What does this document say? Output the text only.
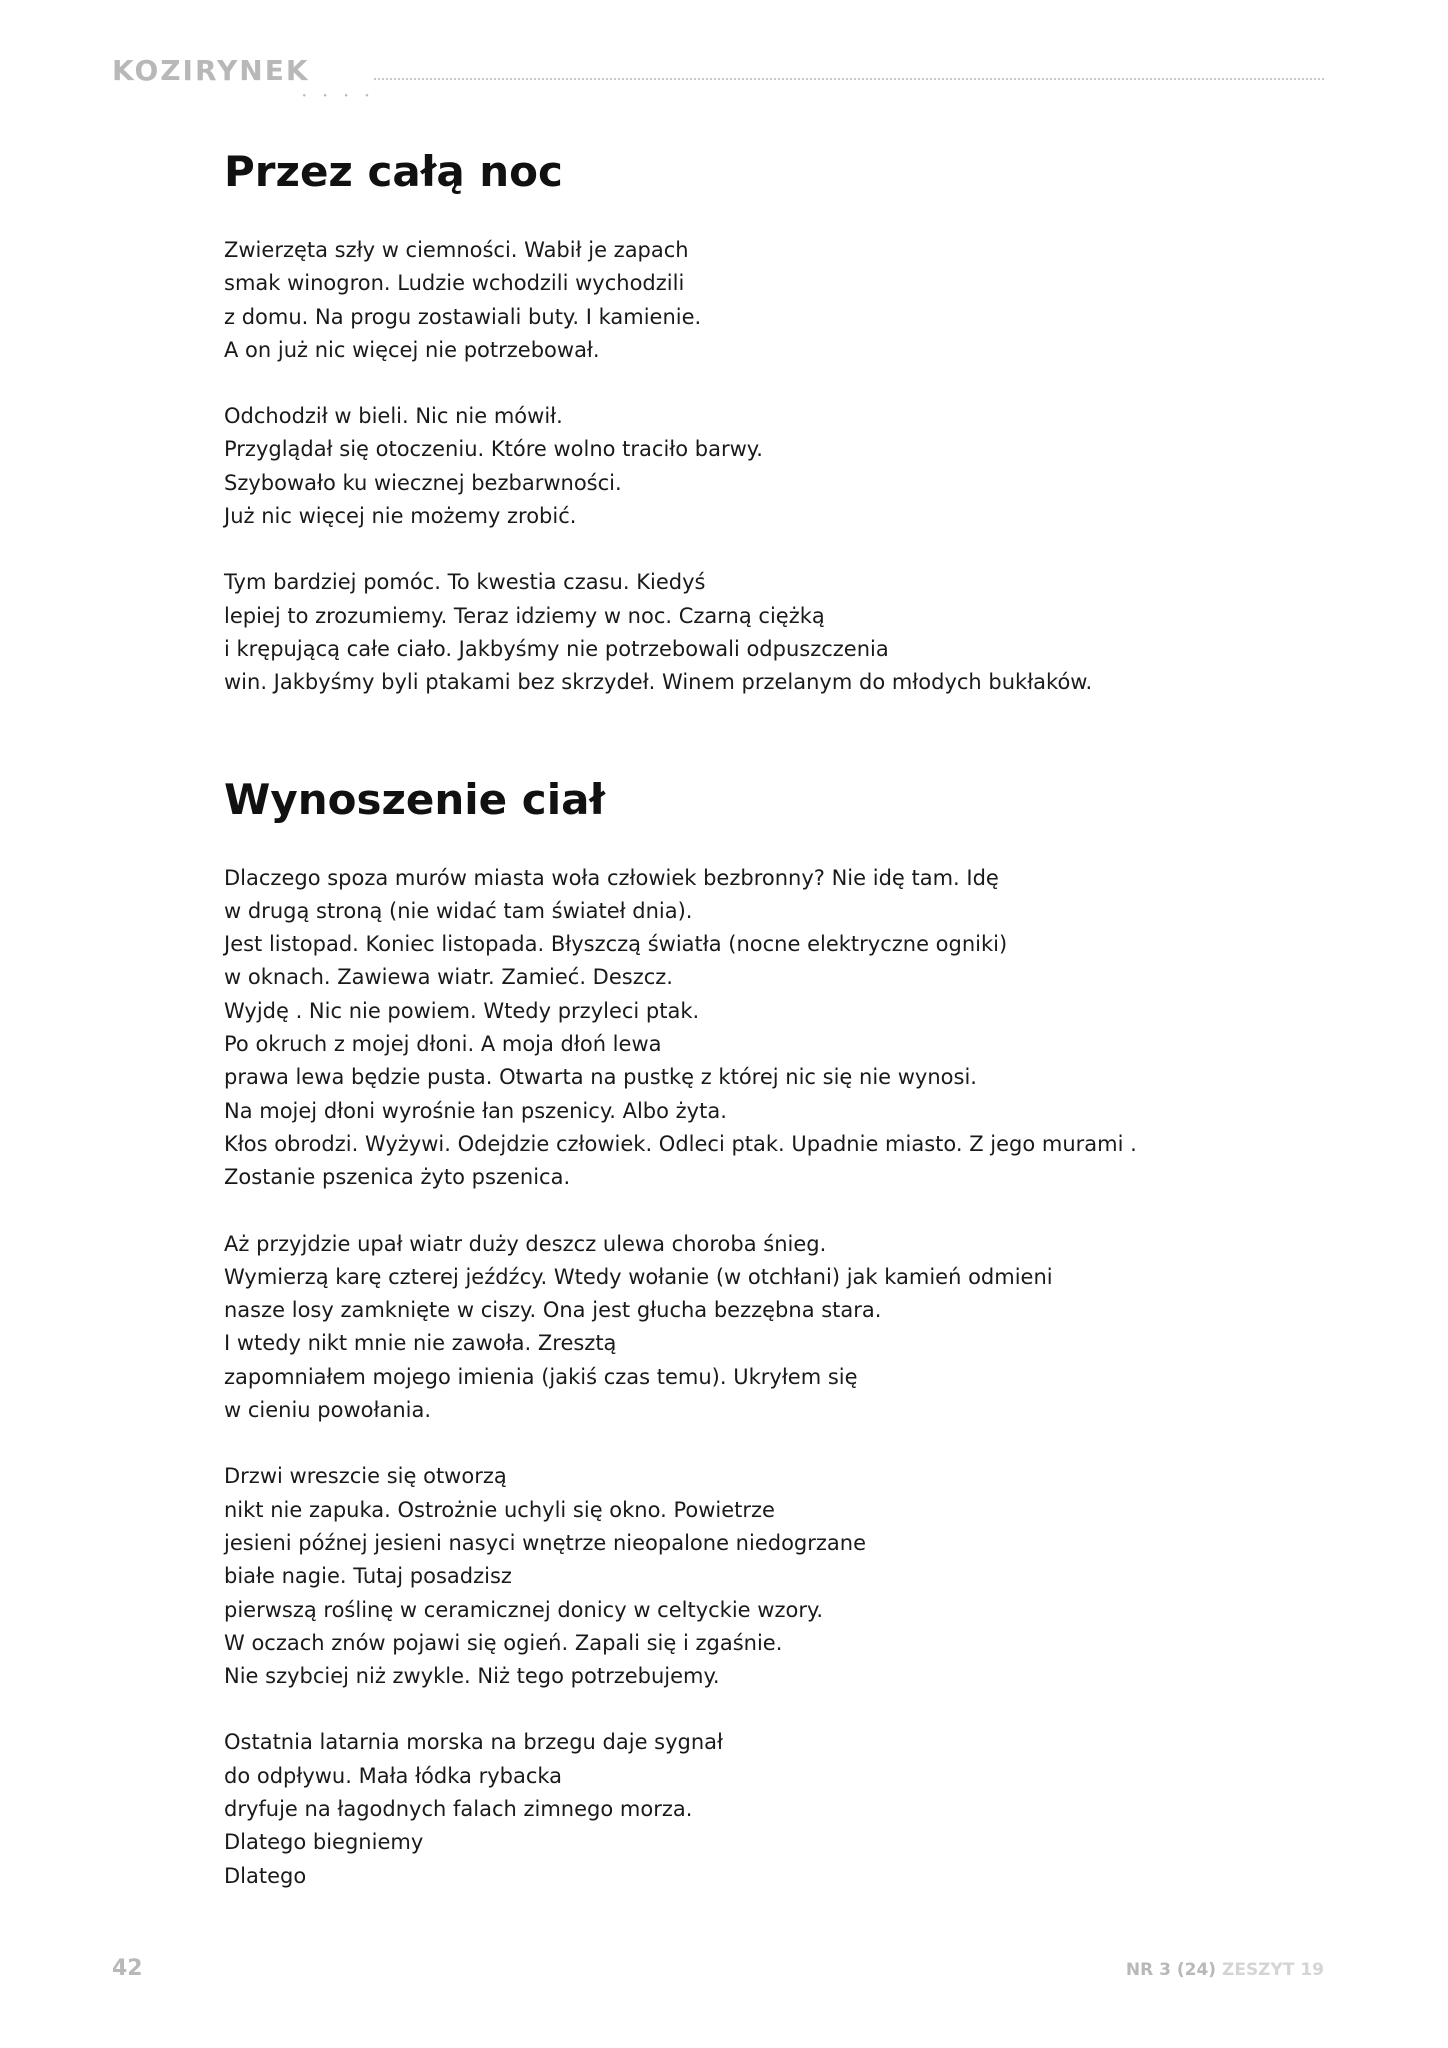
KOZIRYNEK
• • • •
Przez całą noc

Zwierzęta szły w ciemności. Wabił je zapach
smak winogron. Ludzie wchodzili wychodzili
z domu. Na progu zostawiali buty. I kamienie.
A on już nic więcej nie potrzebował.

Odchodził w bieli. Nic nie mówił.
Przyglądał się otoczeniu. Które wolno traciło barwy.
Szybowało ku wiecznej bezbarwności.
Już nic więcej nie możemy zrobić.

Tym bardziej pomóc. To kwestia czasu. Kiedyś
lepiej to zrozumiemy. Teraz idziemy w noc. Czarną ciężką
i krępującą całe ciało. Jakbyśmy nie potrzebowali odpuszczenia
win. Jakbyśmy byli ptakami bez skrzydeł. Winem przelanym do młodych bukłaków.

Wynoszenie ciał

Dlaczego spoza murów miasta woła człowiek bezbronny? Nie idę tam. Idę
w drugą stroną (nie widać tam świateł dnia).
Jest listopad. Koniec listopada. Błyszczą światła (nocne elektryczne ogniki)
w oknach. Zawiewa wiatr. Zamieć. Deszcz.
Wyjdę . Nic nie powiem. Wtedy przyleci ptak.
Po okruch z mojej dłoni. A moja dłoń lewa
prawa lewa będzie pusta. Otwarta na pustkę z której nic się nie wynosi.
Na mojej dłoni wyrośnie łan pszenicy. Albo żyta.
Kłos obrodzi. Wyżywi. Odejdzie człowiek. Odleci ptak. Upadnie miasto. Z jego murami .
Zostanie pszenica żyto pszenica.

Aż przyjdzie upał wiatr duży deszcz ulewa choroba śnieg.
Wymierzą karę czterej jeźdźcy. Wtedy wołanie (w otchłani) jak kamień odmieni
nasze losy zamknięte w ciszy. Ona jest głucha bezzębna stara.
I wtedy nikt mnie nie zawoła. Zresztą
zapomniałem mojego imienia (jakiś czas temu). Ukryłem się
w cieniu powołania.

Drzwi wreszcie się otworzą
nikt nie zapuka. Ostrożnie uchyli się okno. Powietrze
jesieni późnej jesieni nasyci wnętrze nieopalone niedogrzane
białe nagie. Tutaj posadzisz
pierwszą roślinę w ceramicznej donicy w celtyckie wzory.
W oczach znów pojawi się ogień. Zapali się i zgaśnie.
Nie szybciej niż zwykle. Niż tego potrzebujemy.

Ostatnia latarnia morska na brzegu daje sygnał
do odpływu. Mała łódka rybacka
dryfuje na łagodnych falach zimnego morza.
Dlatego biegniemy
Dlatego

42	NR 3 (24) ZESZYT 19
